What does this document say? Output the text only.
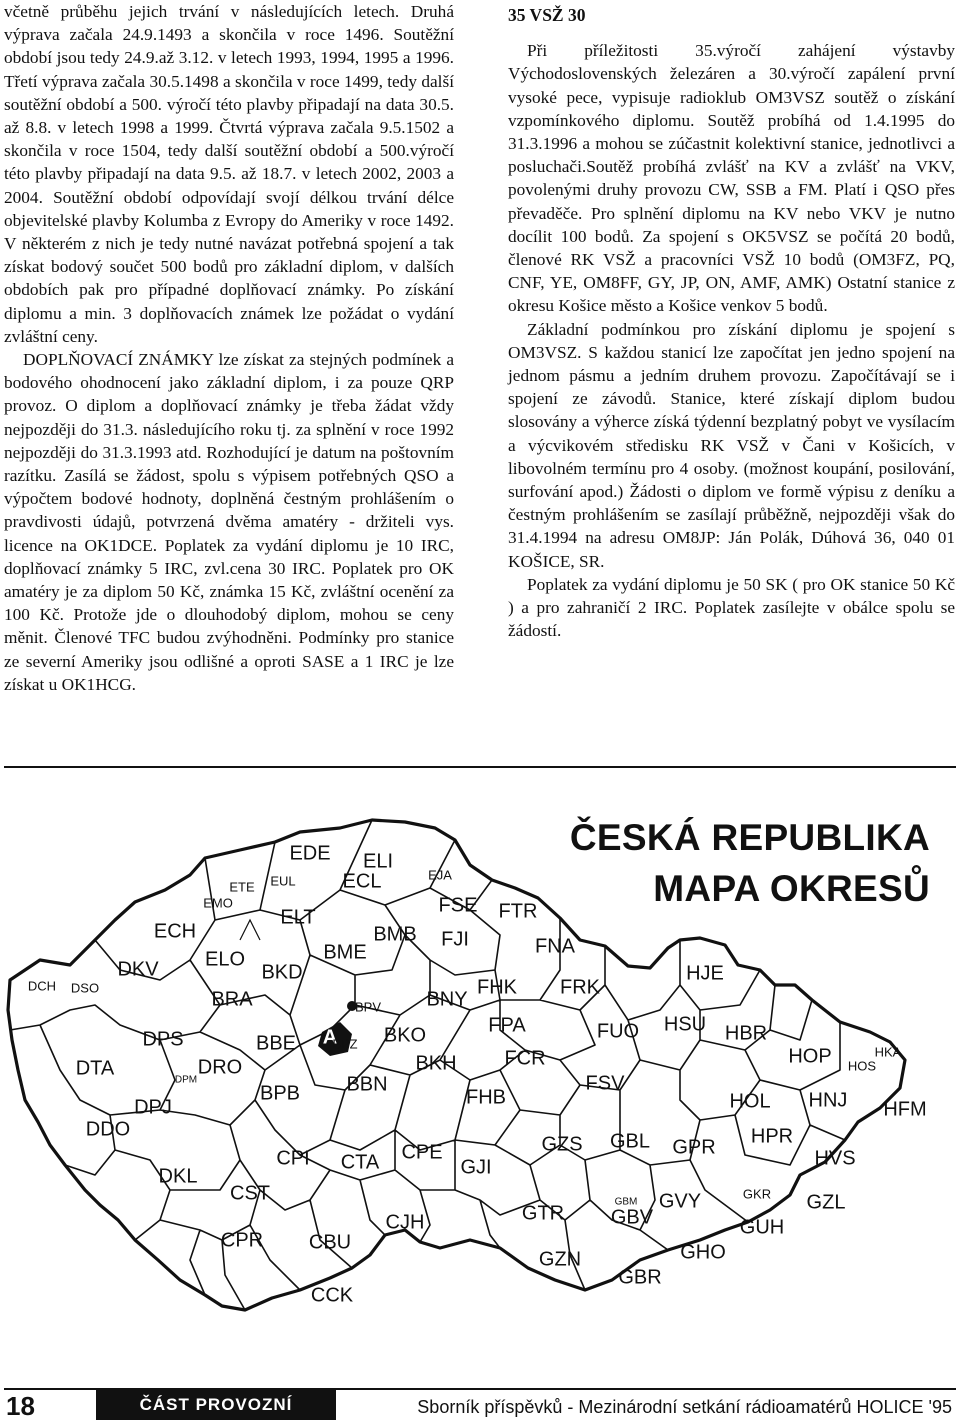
včetně průběhu jejich trvání v následujících letech. Druhá výprava začala 24.9.1493 a skončila v roce 1496. Soutěžní období jsou tedy 24.9.až 3.12. v letech 1993, 1994, 1995 a 1996. Třetí výprava začala 30.5.1498 a skončila v roce 1499, tedy další soutěžní období a 500. výročí této plavby připadají na data 30.5. až 8.8. v letech 1998 a 1999. Čtvrtá výprava začala 9.5.1502 a skončila v roce 1504, tedy další soutěžní období a 500.výročí této plavby připadají na data 9.5. až 18.7. v letech 2002, 2003 a 2004. Soutěžní období odpovídají svojí délkou trvání délce objevitelské plavby Kolumba z Evropy do Ameriky v roce 1492. V některém z nich je tedy nutné navázat potřebná spojení a tak získat bodový součet 500 bodů pro základní diplom, v dalších obdobích pak pro případné doplňovací známky. Po získání diplomu a min. 3 doplňovacích známek lze požádat o vydání zvláštní ceny.

DOPLŇOVACÍ ZNÁMKY lze získat za stejných podmínek a bodového ohodnocení jako základní diplom, i za pouze QRP provoz. O diplom a doplňovací známky je třeba žádat vždy nejpozději do 31.3. následujícího roku tj. za splnění v roce 1992 nejpozději do 31.3.1993 atd. Rozhodující je datum na poštovním razítku. Zasílá se žádost, spolu s výpisem potřebných QSO a výpočtem bodové hodnoty, doplněná čestným prohlášením o pravdivosti údajů, potvrzená dvěma amatéry - držiteli vys. licence na OK1DCE. Poplatek za vydání diplomu je 10 IRC, doplňovací známky 5 IRC, zvl.cena 30 IRC. Poplatek pro OK amatéry je za diplom 50 Kč, známka 15 Kč, zvláštní ocenění za 100 Kč. Protože jde o dlouhodobý diplom, mohou se ceny měnit. Členové TFC budou zvýhodněni. Podmínky pro stanice ze severní Ameriky jsou odlišné a oproti SASE a 1 IRC je lze získat u OK1HCG.

35 VSŽ 30

Při příležitosti 35.výročí zahájení výstavby Východoslovenských železáren a 30.výročí zapálení první vysoké pece, vypisuje radioklub OM3VSZ soutěž o získání vzpomínkového diplomu. Soutěž probíhá od 1.4.1995 do 31.3.1996 a mohou se zúčastnit kolektivní stanice, jednotlivci a posluchači.Soutěž probíhá zvlášť na KV a zvlášť na VKV, povolenými druhy provozu CW, SSB a FM. Platí i QSO přes převaděče. Pro splnění diplomu na KV nebo VKV je nutno docílit 100 bodů. Za spojení s OK5VSZ se počítá 20 bodů, členové RK VSŽ a pracovníci VSŽ 10 bodů (OM3FZ, PQ, CNF, YE, OM8FF, GY, JP, ON, AMF, AMK) Ostatní stanice z okresu Košice město a Košice venkov 5 bodů.

Základní podmínkou pro získání diplomu je spojení s OM3VSZ. S každou stanicí lze započítat jen jedno spojení na jednom pásmu a jedním druhem provozu. Započítávají se i spojení ze závodů. Stanice, které získají diplom budou slosovány a výherce získá týdenní bezplatný pobyt ve vysílacím a výcvikovém středisku RK VSŽ v Čani v Košicích, v libovolném termínu pro 4 osoby. (možnost koupání, posilování, surfování apod.) Žádosti o diplom ve formě výpisu z deníku a čestným prohlášením se zasílají průběžně, nejpozději však do 31.4.1994 na adresu OM8JP: Ján Polák, Dúhová 36, 040 01 KOŠICE, SR.

Poplatek za vydání diplomu je 50 SK ( pro OK stanice 50 Kč ) a pro zahraničí 2 IRC. Poplatek zasílejte v obálce spolu se žádostí.

EDE ELI
ETE EUL ECL	EJA
EMO	FSE FTR
ELT
ECH	BMB FJI	FNA
DKV
BME
ELO
HJE
DCH DSO
BKD
FHK FRK
BRA	BPV BNY
A
HSU
FPA
BKO	FUO	HBR
DPS	BBE	BPZ
HOP	HKA
DRO	BKH FCR	HOS
DTA
DPM	FSV
BBN
DPJ
BPB	FHB	HOL HNJ HFM
DDO
GZS GBL	HPR
CPI	CPE	GPR
CTA	HVS
GJI
DKL
GBM GVY	GKR
CST	GZL
GTR GBV
CJH	GUH
CPR CBU	GHO
GZN
GBR
CCK
ČESKÁ REPUBLIKA
MAPA OKRESŮ
18	ČÁST PROVOZNÍ	Sborník příspěvků - Mezinárodní setkání rádioamatérů HOLICE '95
